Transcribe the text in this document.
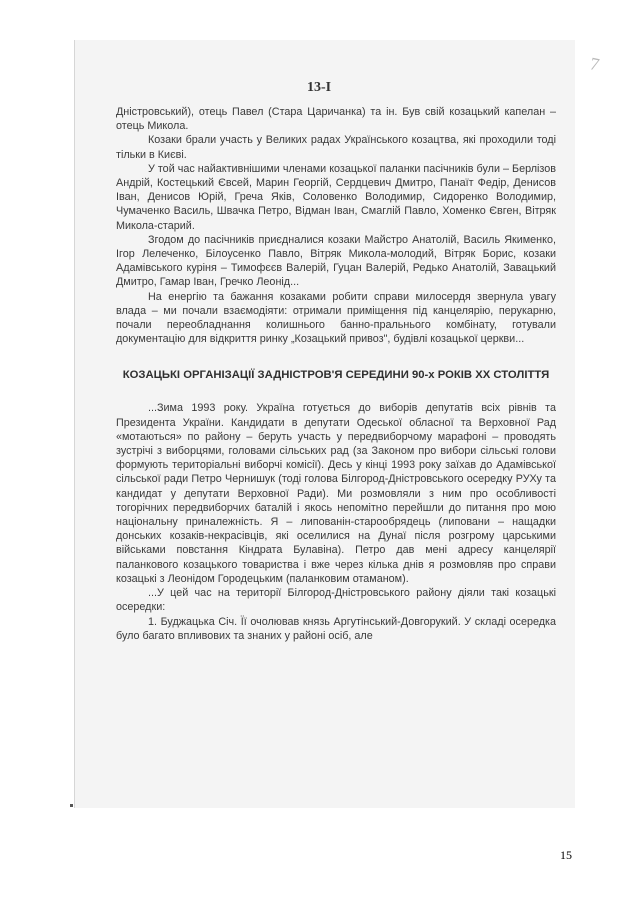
7
13-I

Дністровський), отець Павел (Стара Царичанка) та ін. Був свій козацький капелан – отець Микола.

Козаки брали участь у Великих радах Українського козацтва, які проходили тоді тільки в Києві.

У той час найактивнішими членами козацької паланки пасічників були – Берлізов Андрій, Костецький Євсей, Марин Георгій, Сердцевич Дмитро, Панаїт Федір, Денисов Іван, Денисов Юрій, Греча Яків, Соловенко Володимир, Сидоренко Володимир, Чумаченко Василь, Швачка Петро, Відман Іван, Смаглій Павло, Хоменко Євген, Вітряк Микола-старий.

Згодом до пасічників приєдналися козаки Майстро Анатолій, Василь Якименко, Ігор Лелеченко, Білоусенко Павло, Вітряк Микола-молодий, Вітряк Борис, козаки Адамівського куріня – Тимофєєв Валерій, Гуцан Валерій, Редько Анатолій, Завацький Дмитро, Гамар Іван, Гречко Леонід...

На енергію та бажання козаками робити справи милосердя звернула увагу влада – ми почали взаємодіяти: отримали приміщення під канцелярію, перукарню, почали переобладнання колишнього банно-пральнього комбінату, готували документацію для відкриття ринку „Козацький привоз", будівлі козацької церкви...

КОЗАЦЬКІ ОРГАНІЗАЦІЇ ЗАДНІСТРОВ'Я СЕРЕДИНИ 90-х РОКІВ ХХ СТОЛІТТЯ

...Зима 1993 року. Україна готується до виборів депутатів всіх рівнів та Президента України. Кандидати в депутати Одеської обласної та Верховної Рад «мотаються» по району – беруть участь у передвиборчому марафоні – проводять зустрічі з виборцями, головами сільських рад (за Законом про вибори сільські голови формують територіальні виборчі комісії). Десь у кінці 1993 року заїхав до Адамівської сільської ради Петро Чернишук (тоді голова Білгород-Дністровського осередку РУХу та кандидат у депутати Верховної Ради). Ми розмовляли з ним про особливості тогорічних передвиборчих баталій і якось непомітно перейшли до питання про мою національну приналежність. Я – липованін-старообрядець (липовани – нащадки донських козаків-некрасівців, які оселилися на Дунаї після розгрому царськими військами повстання Кіндрата Булавіна). Петро дав мені адресу канцелярії паланкового козацького товариства і вже через кілька днів я розмовляв про справи козацькі з Леонідом Городецьким (паланковим отаманом).

...У цей час на території Білгород-Дністровського району діяли такі козацькі осередки:

1. Буджацька Січ. Її очолював князь Аргутінський-Довгорукий. У складі осередка було багато впливових та знаних у районі осіб, але

15
